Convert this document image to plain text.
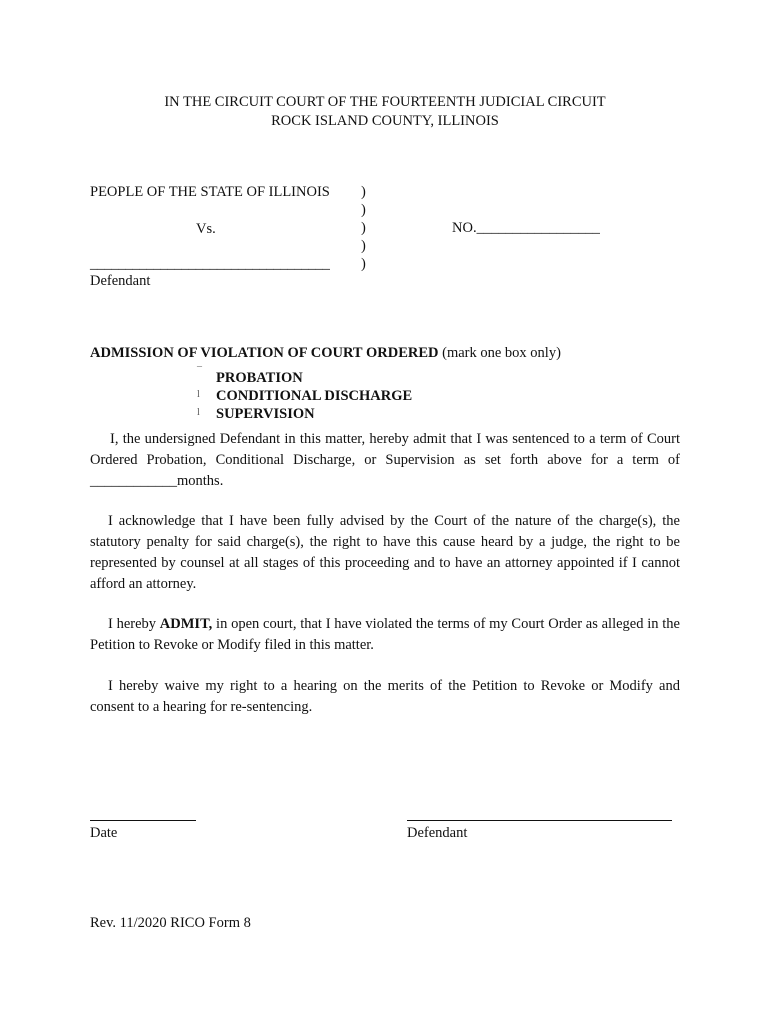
IN THE CIRCUIT COURT OF THE FOURTEENTH JUDICIAL CIRCUIT
ROCK ISLAND COUNTY, ILLINOIS
PEOPLE OF THE STATE OF ILLINOIS
Vs.
)
)
)
)
)
NO._________________
__________________________________
Defendant
ADMISSION OF VIOLATION OF COURT ORDERED (mark one box only)
¯ PROBATION
l CONDITIONAL DISCHARGE
l SUPERVISION
I, the undersigned Defendant in this matter, hereby admit that I was sentenced to a term of Court Ordered Probation, Conditional Discharge, or Supervision as set forth above for a term of ____________months.
I acknowledge that I have been fully advised by the Court of the nature of the charge(s), the statutory penalty for said charge(s), the right to have this cause heard by a judge, the right to be represented by counsel at all stages of this proceeding and to have an attorney appointed if I cannot afford an attorney.
I hereby ADMIT, in open court, that I have violated the terms of my Court Order as alleged in the Petition to Revoke or Modify filed in this matter.
I hereby waive my right to a hearing on the merits of the Petition to Revoke or Modify and consent to a hearing for re-sentencing.
Date	Defendant
Rev. 11/2020 RICO Form 8
